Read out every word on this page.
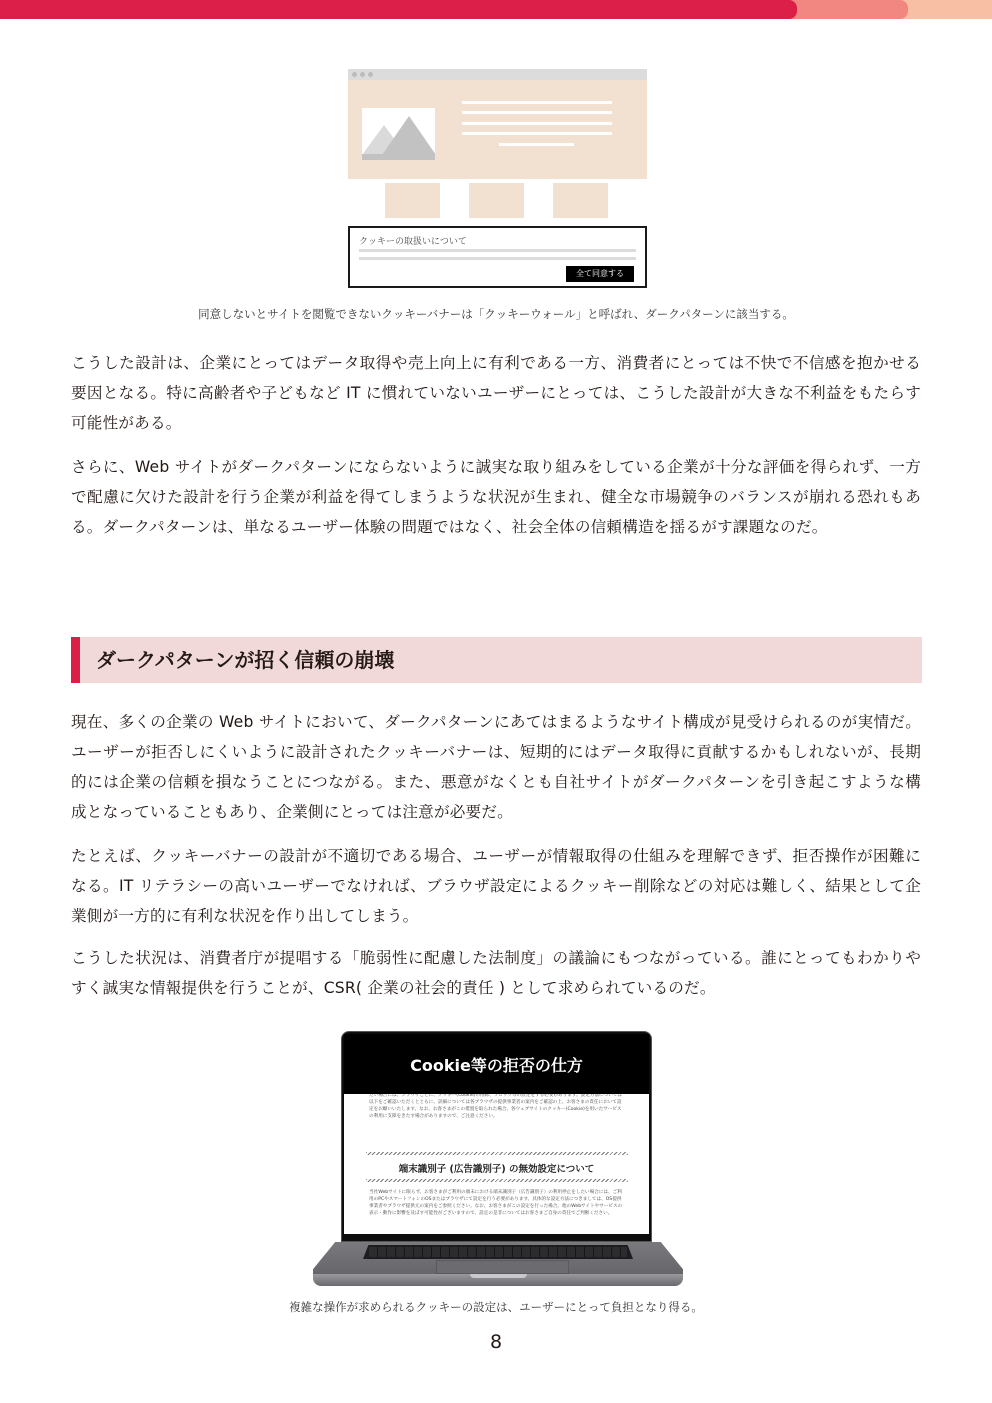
クッキーの取扱いについて
全て同意する
同意しないとサイトを閲覧できないクッキーバナーは「クッキーウォール」と呼ばれ、ダークパターンに該当する。

こうした設計は、企業にとってはデータ取得や売上向上に有利である一方、消費者にとっては不快で不信感を抱かせる要因となる。特に高齢者や子どもなど IT に慣れていないユーザーにとっては、こうした設計が大きな不利益をもたらす可能性がある。

さらに、Web サイトがダークパターンにならないように誠実な取り組みをしている企業が十分な評価を得られず、一方で配慮に欠けた設計を行う企業が利益を得てしまうような状況が生まれ、健全な市場競争のバランスが崩れる恐れもある。ダークパターンは、単なるユーザー体験の問題ではなく、社会全体の信頼構造を揺るがす課題なのだ。

ダークパターンが招く信頼の崩壊

現在、多くの企業の Web サイトにおいて、ダークパターンにあてはまるようなサイト構成が見受けられるのが実情だ。ユーザーが拒否しにくいように設計されたクッキーバナーは、短期的にはデータ取得に貢献するかもしれないが、長期的には企業の信頼を損なうことにつながる。また、悪意がなくとも自社サイトがダークパターンを引き起こすような構成となっていることもあり、企業側にとっては注意が必要だ。

たとえば、クッキーバナーの設計が不適切である場合、ユーザーが情報取得の仕組みを理解できず、拒否操作が困難になる。IT リテラシーの高いユーザーでなければ、ブラウザ設定によるクッキー削除などの対応は難しく、結果として企業側が一方的に有利な状況を作り出してしまう。

こうした状況は、消費者庁が提唱する「脆弱性に配慮した法制度」の議論にもつながっている。誰にとってもわかりやすく誠実な情報提供を行うことが、CSR( 企業の社会的責任 ) として求められているのだ。

Cookie等の拒否の仕方
たい場合には、ブラウザごとに、クッキー(Cookie)の削除、ブロック等の設定をする必要があります。設定方法については以下をご確認いただくとともに、詳細については各ブラウザの提供事業者の案内をご確認の上、お客さまの責任において設定をお願いいたします。なお、お客さまがこの措置を取られた場合、各ウェブサイトのクッキー(Cookie)を用いたサービスの利用に支障をきたす場合がありますので、ご注意ください。
端末識別子 (広告識別子) の無効設定について
当社Webサイトに限らず、お客さまがご利用の端末における端末識別子（広告識別子）の利用停止をしたい場合には、ご利用のPCやスマートフォンのOSまたはブラウザにて設定を行う必要があります。具体的な設定方法につきましては、OS提供事業者やブラウザ提供元の案内をご参照ください。なお、お客さまがこの設定を行った場合、他のWebサイトやサービスの表示・動作に影響を及ぼす可能性がございますので、設定の是非についてはお客さまご自身の責任でご判断ください。
複雑な操作が求められるクッキーの設定は、ユーザーにとって負担となり得る。
8
